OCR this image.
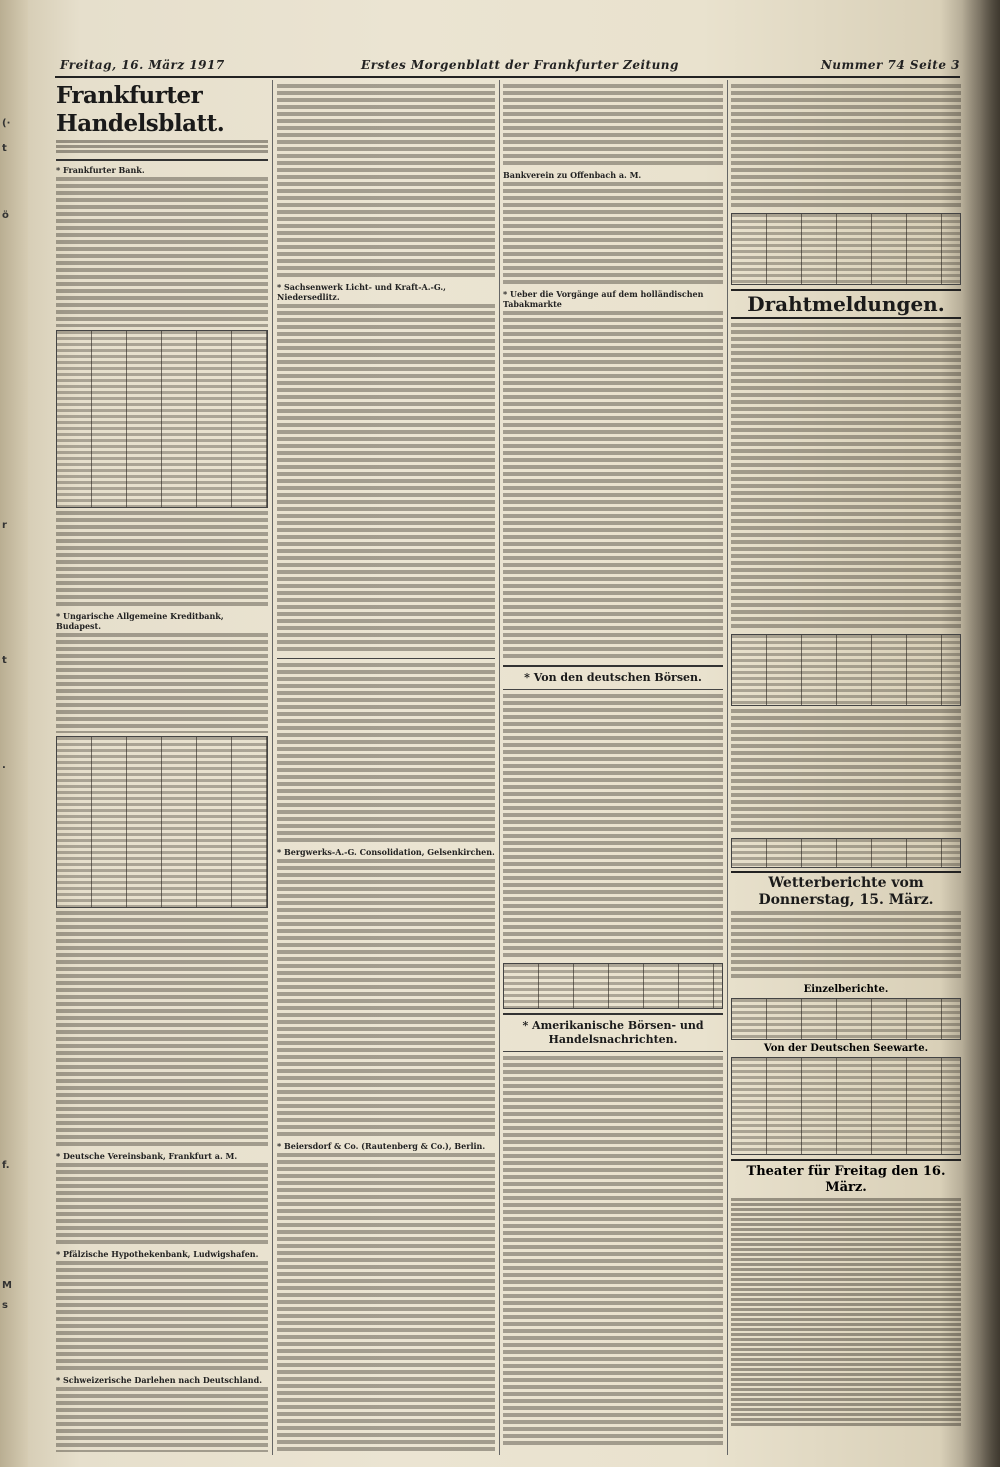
(·
t
ö
r
t
.
f.
M
s
Freitag, 16. März 1917	Erstes Morgenblatt der Frankfurter Zeitung	Nummer 74 Seite 3
Frankfurter Handelsblatt.
* Frankfurter Bank.
* Ungarische Allgemeine Kreditbank, Budapest.
* Deutsche Vereinsbank, Frankfurt a. M.
* Pfälzische Hypothekenbank, Ludwigshafen.
* Schweizerische Darlehen nach Deutschland.
* Sachsenwerk Licht- und Kraft-A.-G., Niedersedlitz.
* Bergwerks-A.-G. Consolidation, Gelsenkirchen.
* Beiersdorf & Co. (Rautenberg & Co.), Berlin.
Bankverein zu Offenbach a. M.
* Ueber die Vorgänge auf dem holländischen Tabakmarkte
* Von den deutschen Börsen.
* Amerikanische Börsen- und Handelsnachrichten.
Drahtmeldungen.
Wetterberichte vom Donnerstag, 15. März.
Einzelberichte.
Von der Deutschen Seewarte.
Theater für Freitag den 16. März.
